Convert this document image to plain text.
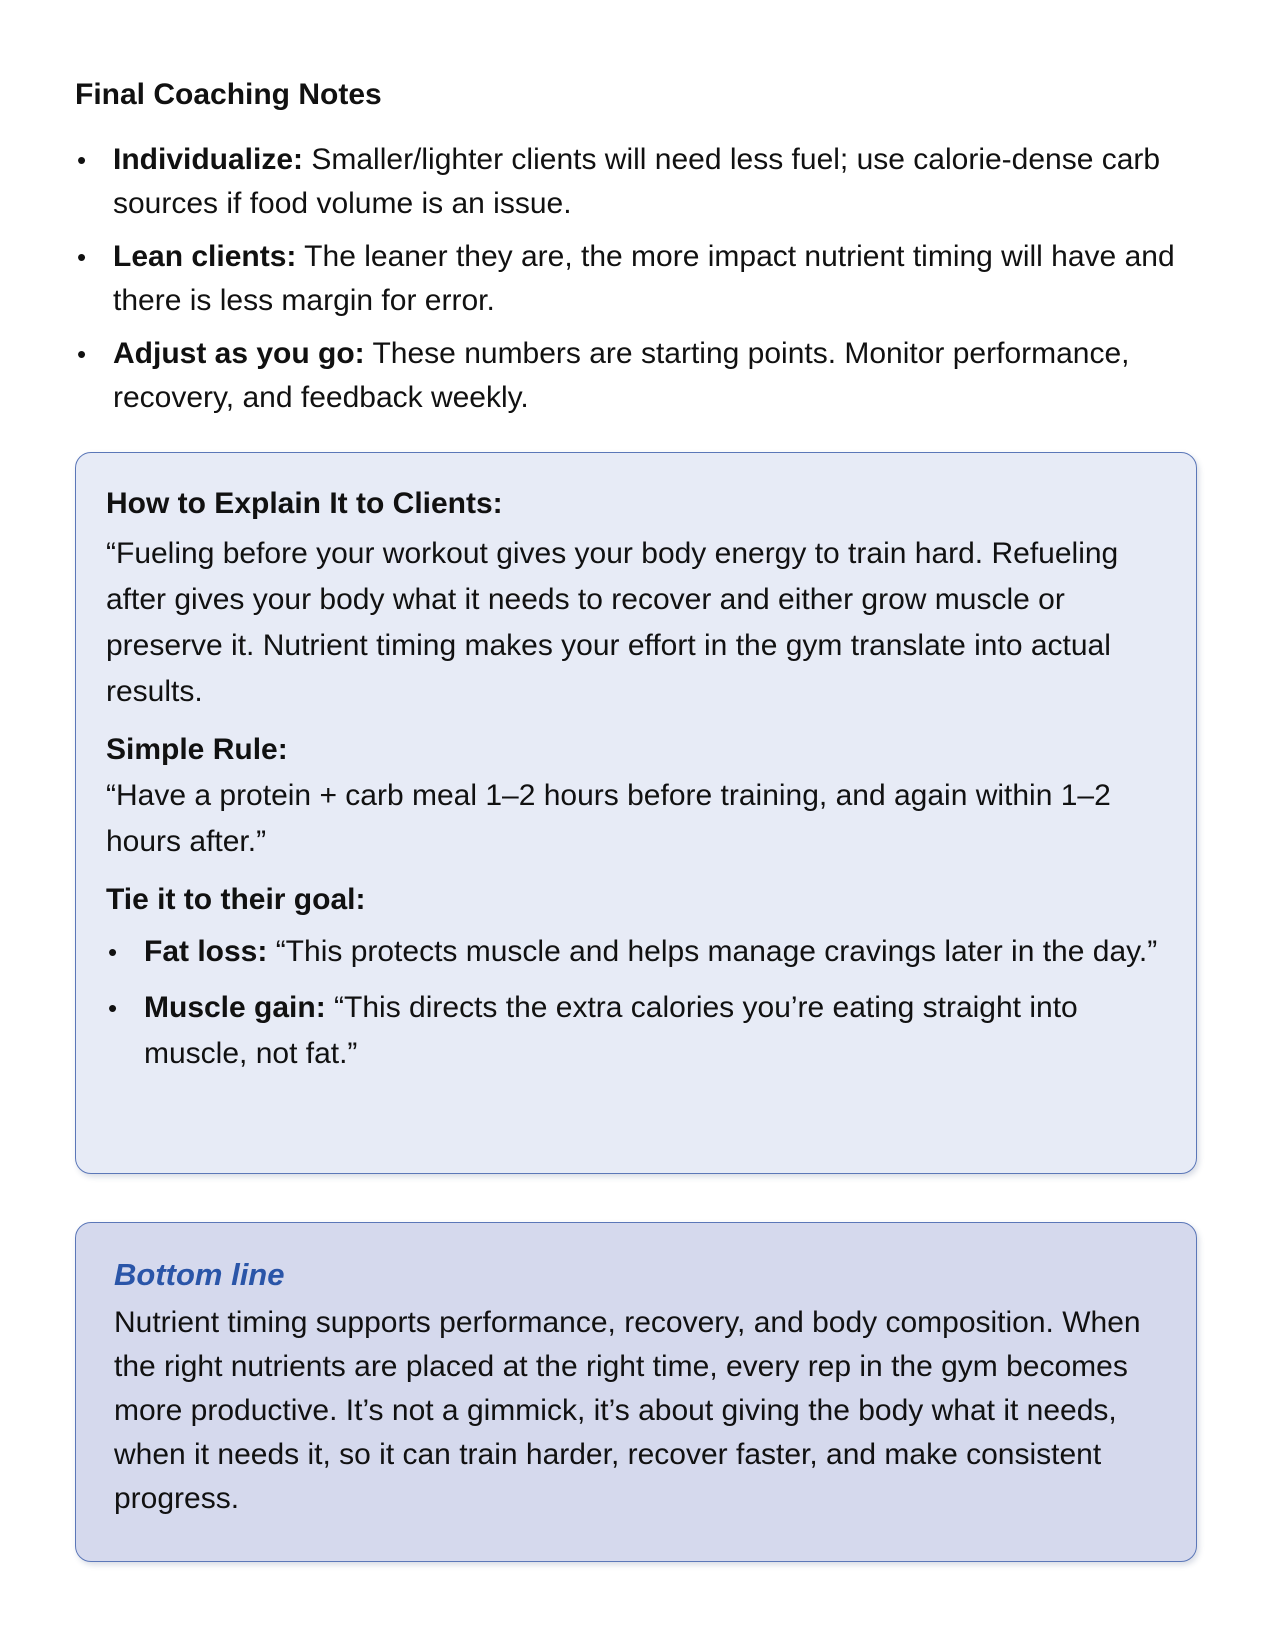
Final Coaching Notes
• Individualize: Smaller/lighter clients will need less fuel; use calorie-dense carb sources if food volume is an issue.
• Lean clients: The leaner they are, the more impact nutrient timing will have and there is less margin for error.
• Adjust as you go: These numbers are starting points. Monitor performance, recovery, and feedback weekly.
How to Explain It to Clients:

“Fueling before your workout gives your body energy to train hard. Refueling after gives your body what it needs to recover and either grow muscle or preserve it. Nutrient timing makes your effort in the gym translate into actual results.

Simple Rule:

“Have a protein + carb meal 1–2 hours before training, and again within 1–2 hours after.”

Tie it to their goal:
• Fat loss: “This protects muscle and helps manage cravings later in the day.”
• Muscle gain: “This directs the extra calories you’re eating straight into muscle, not fat.”
Bottom line

Nutrient timing supports performance, recovery, and body composition. When the right nutrients are placed at the right time, every rep in the gym becomes more productive. It’s not a gimmick, it’s about giving the body what it needs, when it needs it, so it can train harder, recover faster, and make consistent progress.
